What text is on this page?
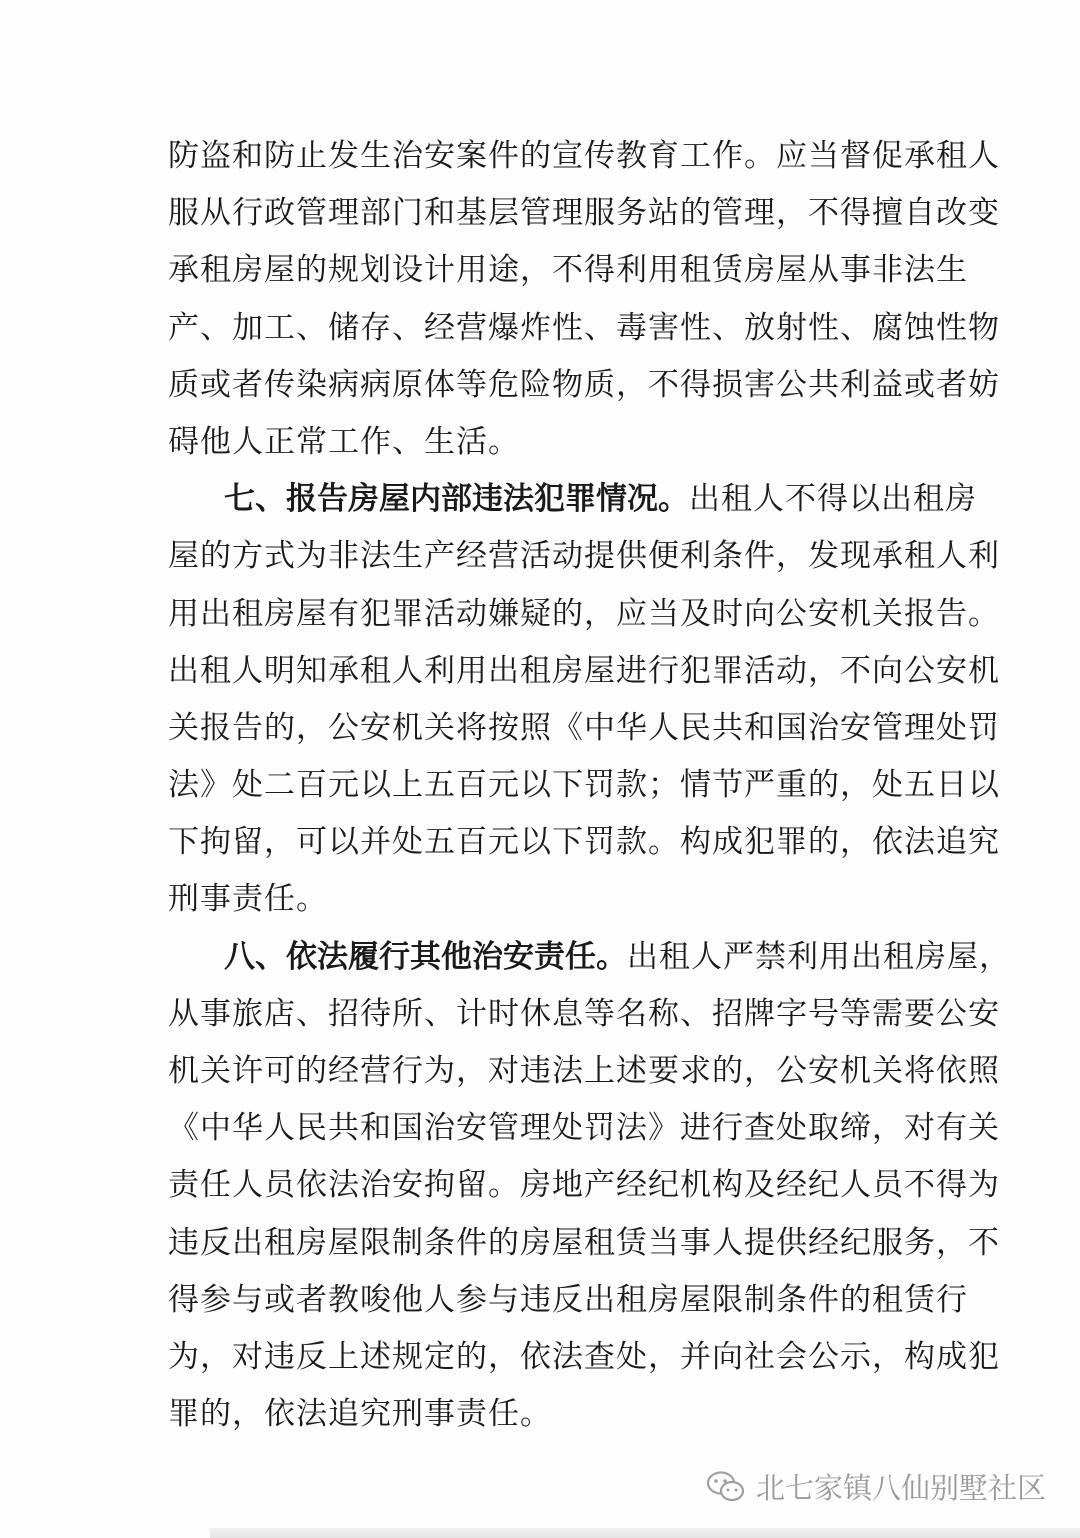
防盗和防止发生治安案件的宣传教育工作。应当督促承租人
服从行政管理部门和基层管理服务站的管理，不得擅自改变
承租房屋的规划设计用途，不得利用租赁房屋从事非法生
产、加工、储存、经营爆炸性、毒害性、放射性、腐蚀性物
质或者传染病病原体等危险物质，不得损害公共利益或者妨
碍他人正常工作、生活。
七、报告房屋内部违法犯罪情况。出租人不得以出租房
屋的方式为非法生产经营活动提供便利条件，发现承租人利
用出租房屋有犯罪活动嫌疑的，应当及时向公安机关报告。
出租人明知承租人利用出租房屋进行犯罪活动，不向公安机
关报告的，公安机关将按照《中华人民共和国治安管理处罚
法》处二百元以上五百元以下罚款；情节严重的，处五日以
下拘留，可以并处五百元以下罚款。构成犯罪的，依法追究
刑事责任。
八、依法履行其他治安责任。出租人严禁利用出租房屋，
从事旅店、招待所、计时休息等名称、招牌字号等需要公安
机关许可的经营行为，对违法上述要求的，公安机关将依照
《中华人民共和国治安管理处罚法》进行查处取缔，对有关
责任人员依法治安拘留。房地产经纪机构及经纪人员不得为
违反出租房屋限制条件的房屋租赁当事人提供经纪服务，不
得参与或者教唆他人参与违反出租房屋限制条件的租赁行
为，对违反上述规定的，依法查处，并向社会公示，构成犯
罪的，依法追究刑事责任。
北七家镇八仙别墅社区
